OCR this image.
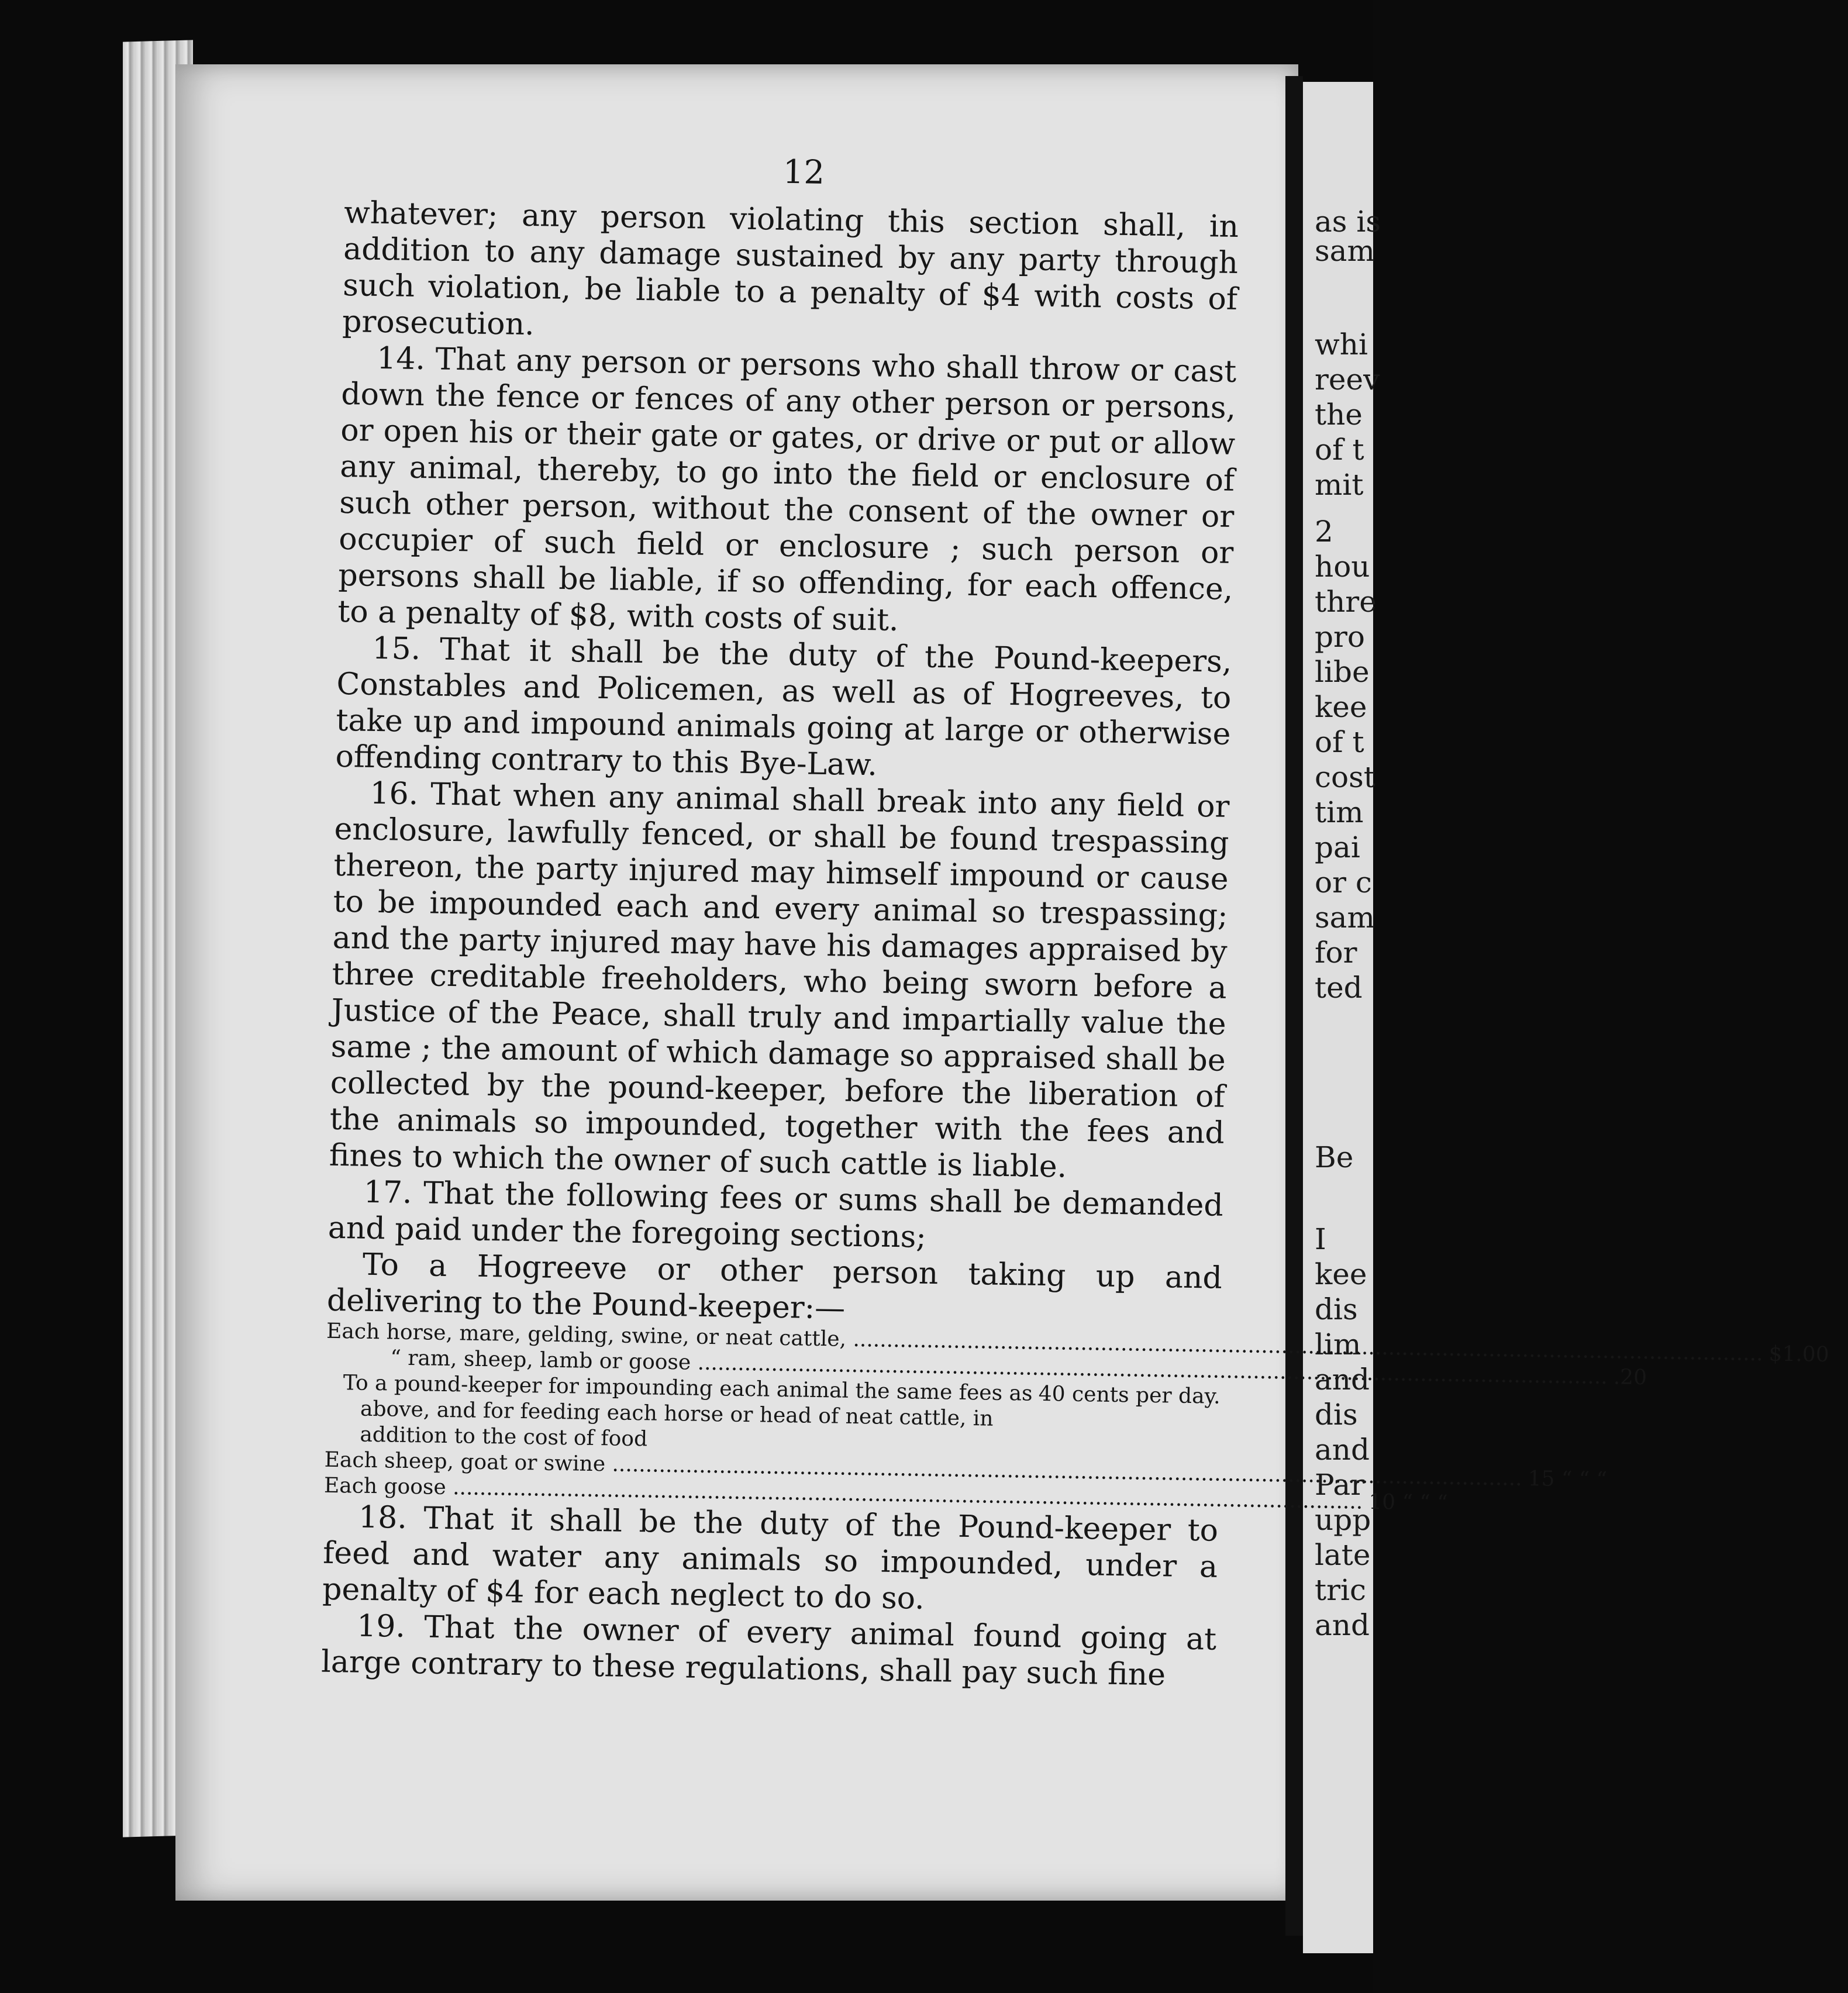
as is
sam
whi
reev
the
of t
mit
2
hou
thre
pro
libe
kee
of t
cost
tim
pai
or c
sam
for
ted
Be
I
kee
dis
lim
and
dis
and
Par
upp
late
tric
and
12

whatever; any person violating this section shall, in addition to any damage sustained by any party through such violation, be liable to a penalty of $4 with costs of prosecution.

14. That any person or persons who shall throw or cast down the fence or fences of any other person or persons, or open his or their gate or gates, or drive or put or allow any animal, thereby, to go into the field or enclosure of such other person, without the consent of the owner or occupier of such field or enclosure ; such person or persons shall be liable, if so offending, for each offence, to a penalty of $8, with costs of suit.

15. That it shall be the duty of the Pound-keepers, Constables and Policemen, as well as of Hogreeves, to take up and impound animals going at large or otherwise offending contrary to this Bye-Law.

16. That when any animal shall break into any field or enclosure, lawfully fenced, or shall be found trespassing thereon, the party injured may himself impound or cause to be impounded each and every animal so trespassing; and the party injured may have his damages appraised by three creditable freeholders, who being sworn before a Justice of the Peace, shall truly and impartially value the same ; the amount of which damage so appraised shall be collected by the pound-keeper, before the liberation of the animals so impounded, together with the fees and fines to which the owner of such cattle is liable.

17. That the following fees or sums shall be demanded and paid under the foregoing sections;

To a Hogreeve or other person taking up and delivering to the Pound-keeper:—

Each horse, mare, gelding, swine, or neat cattle, .....
$1.00
“ ram, sheep, lamb or goose .....
.20
To a pound-keeper for impounding each animal the same fees as above, and for feeding each horse or head of neat cattle, in addition to the cost of food
40 cents per day.
Each sheep, goat or swine .....
15 “ “ “
Each goose .....
10 “ “ “

18. That it shall be the duty of the Pound-keeper to feed and water any animals so impounded, under a penalty of $4 for each neglect to do so.

19. That the owner of every animal found going at large contrary to these regulations, shall pay such fine
